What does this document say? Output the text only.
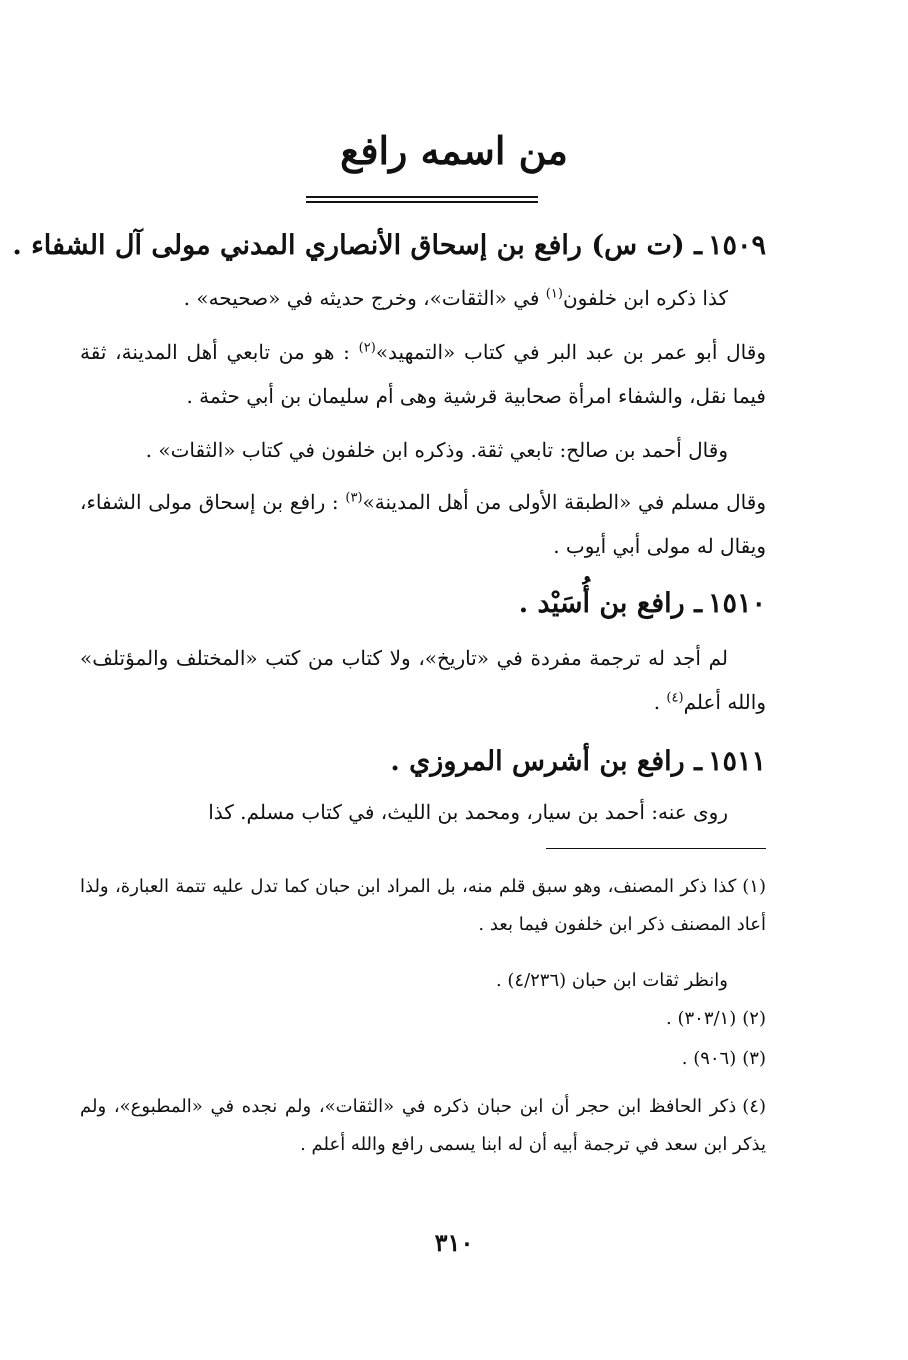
من اسمه رافع
١٥٠٩ـ (ت س) رافع بن إسحاق الأنصاري المدني مولى آل الشفاء .

كذا ذكره ابن خلفون$^{(١)}$ في «الثقات»، وخرج حديثه في «صحيحه» .

وقال أبو عمر بن عبد البر في كتاب «التمهيد»$^{(٢)}$ : هو من تابعي أهل المدينة، ثقة فيما نقل، والشفاء امرأة صحابية قرشية وهى أم سليمان بن أبي حثمة .

وقال أحمد بن صالح: تابعي ثقة. وذكره ابن خلفون في كتاب «الثقات» .

وقال مسلم في «الطبقة الأولى من أهل المدينة»$^{(٣)}$ : رافع بن إسحاق مولى الشفاء، ويقال له مولى أبي أيوب .

١٥١٠ـ رافع بن أُسَيْد .

لم أجد له ترجمة مفردة في «تاريخ»، ولا كتاب من كتب «المختلف والمؤتلف» والله أعلم$^{(٤)}$ .

١٥١١ـ رافع بن أشرس المروزي .

روى عنه: أحمد بن سيار، ومحمد بن الليث، في كتاب مسلم. كذا

(١)كذا ذكر المصنف، وهو سبق قلم منه، بل المراد ابن حبان كما تدل عليه تتمة العبارة، ولذا أعاد المصنف ذكر ابن خلفون فيما بعد .

وانظر ثقات ابن حبان (٤/٢٣٦) .

(٢)(٣٠٣/١) .

(٣)(٩٠٦) .

(٤)ذكر الحافظ ابن حجر أن ابن حبان ذكره في «الثقات»، ولم نجده في «المطبوع»، ولم يذكر ابن سعد في ترجمة أبيه أن له ابنا يسمى رافع والله أعلم .

٣١٠
